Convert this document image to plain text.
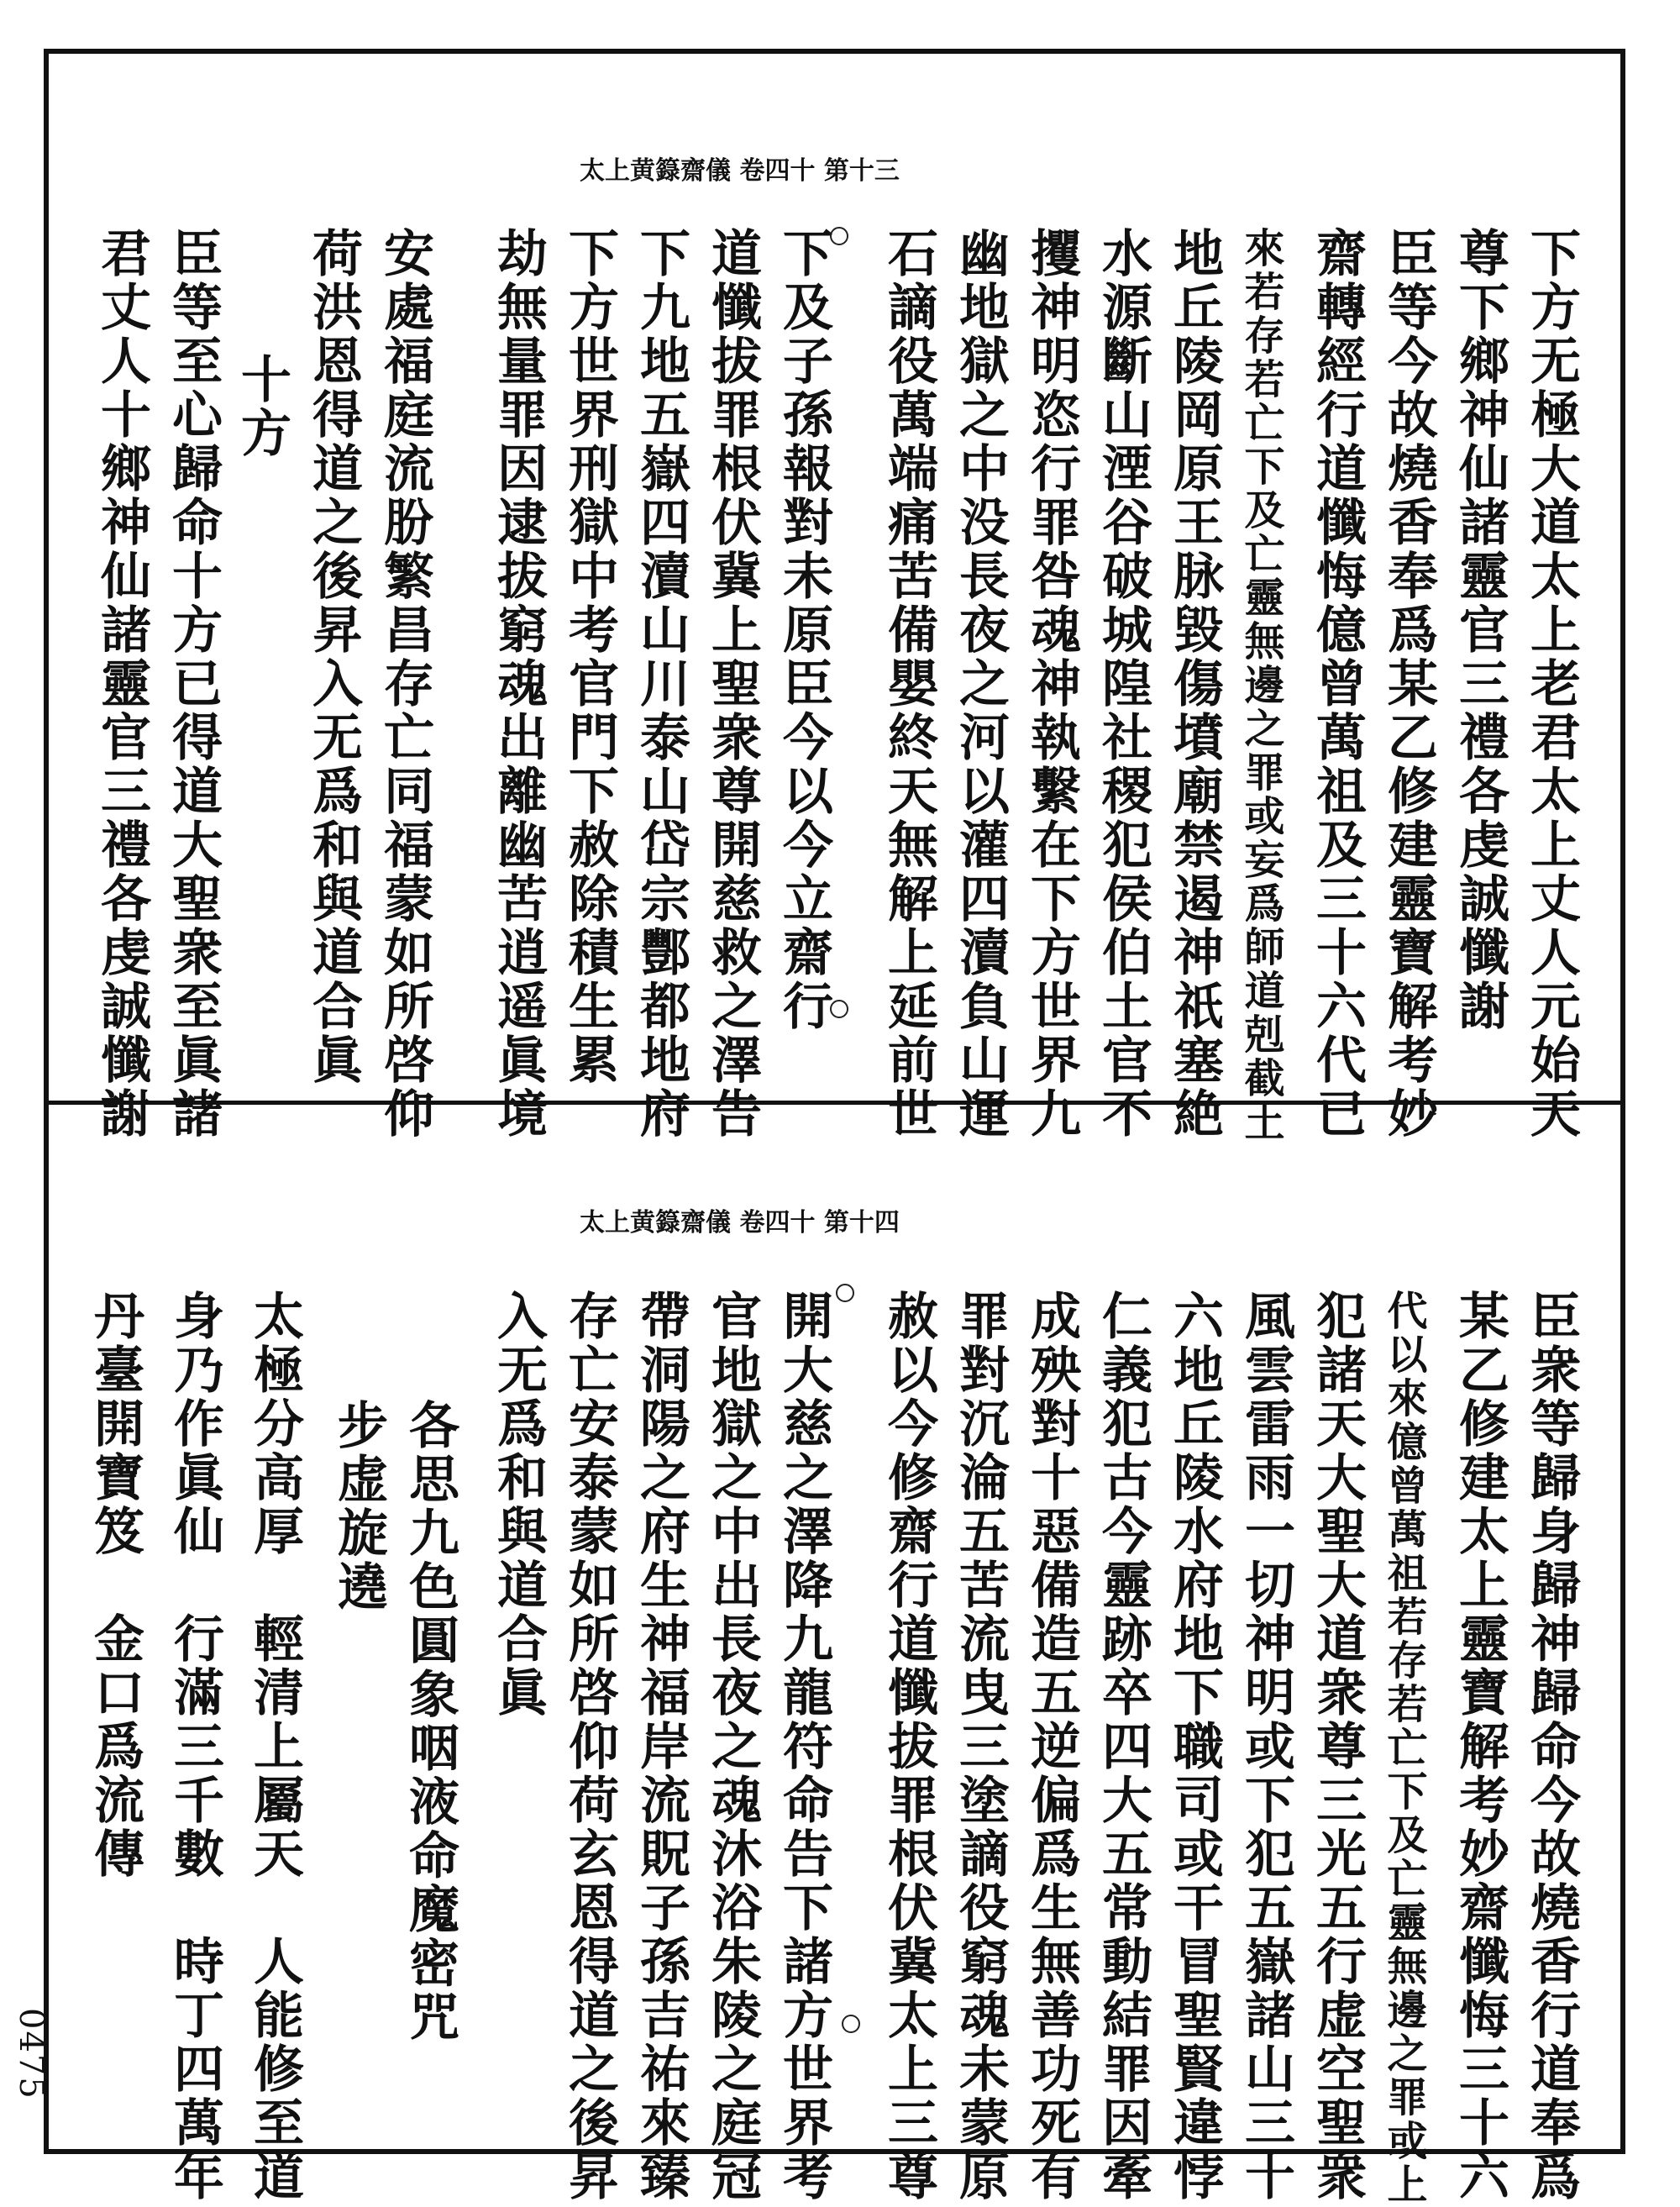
太上黄籙齋儀 卷四十 第十三
下方无極大道太上老君太上丈人元始天
尊下鄉神仙諸靈官三禮各虔誠懺謝
臣等今故燒香奉爲某乙修建靈寶解考妙
齋轉經行道懺悔億曾萬祖及三十六代已
來若存若亡下及亡靈無邊之罪或妄爲師道剋截土
地丘陵岡原王脉毀傷墳廟禁遏神祇塞絶
水源斷山湮谷破城隍社稷犯侯伯土官不
攫神明恣行罪咎魂神執繫在下方世界九
幽地獄之中没長夜之河以灌四瀆負山運
石謫役萬端痛苦備嬰終天無解上延前世
下及子孫報對未原臣今以今立齋行
道懺拔罪根伏冀上聖衆尊開慈救之澤告
下九地五嶽四瀆山川泰山岱宗酆都地府
下方世界刑獄中考官門下赦除積生累
劫無量罪因逮拔窮魂出離幽苦逍遥眞境
安處福庭流朌繁昌存亡同福蒙如所啓仰
荷洪恩得道之後昇入无爲和與道合眞
十方
臣等至心歸命十方已得道大聖衆至眞諸
君丈人十鄉神仙諸靈官三禮各虔誠懺謝
太上黄籙齋儀 卷四十 第十四
臣衆等歸身歸神歸命今故燒香行道奉爲
某乙修建太上靈寶解考妙齋懺悔三十六
代以來億曾萬祖若存若亡下及亡靈無邊之罪或上
犯諸天大聖大道衆尊三光五行虚空聖衆
風雲雷雨一切神明或下犯五嶽諸山三十
六地丘陵水府地下職司或干冒聖賢違悖
仁義犯古今靈跡卒四大五常動結罪因牽
成殃對十惡備造五逆偏爲生無善功死有
罪對沉淪五苦流曳三塗謫役窮魂未蒙原
赦以今修齋行道懺拔罪根伏冀太上三尊
開大慈之澤降九龍符命告下諸方世界考
官地獄之中出長夜之魂沐浴朱陵之庭冠
帶洞陽之府生神福岸流貺子孫吉祐來臻
存亡安泰蒙如所啓仰荷玄恩得道之後昇
入无爲和與道合眞
各思九色圓象咽液命魔密咒
步虚旋遶
太極分高厚　輕清上屬天　人能修至道
身乃作眞仙　行滿三千數　時丁四萬年
丹臺開寶笈　金口爲流傳
0475
